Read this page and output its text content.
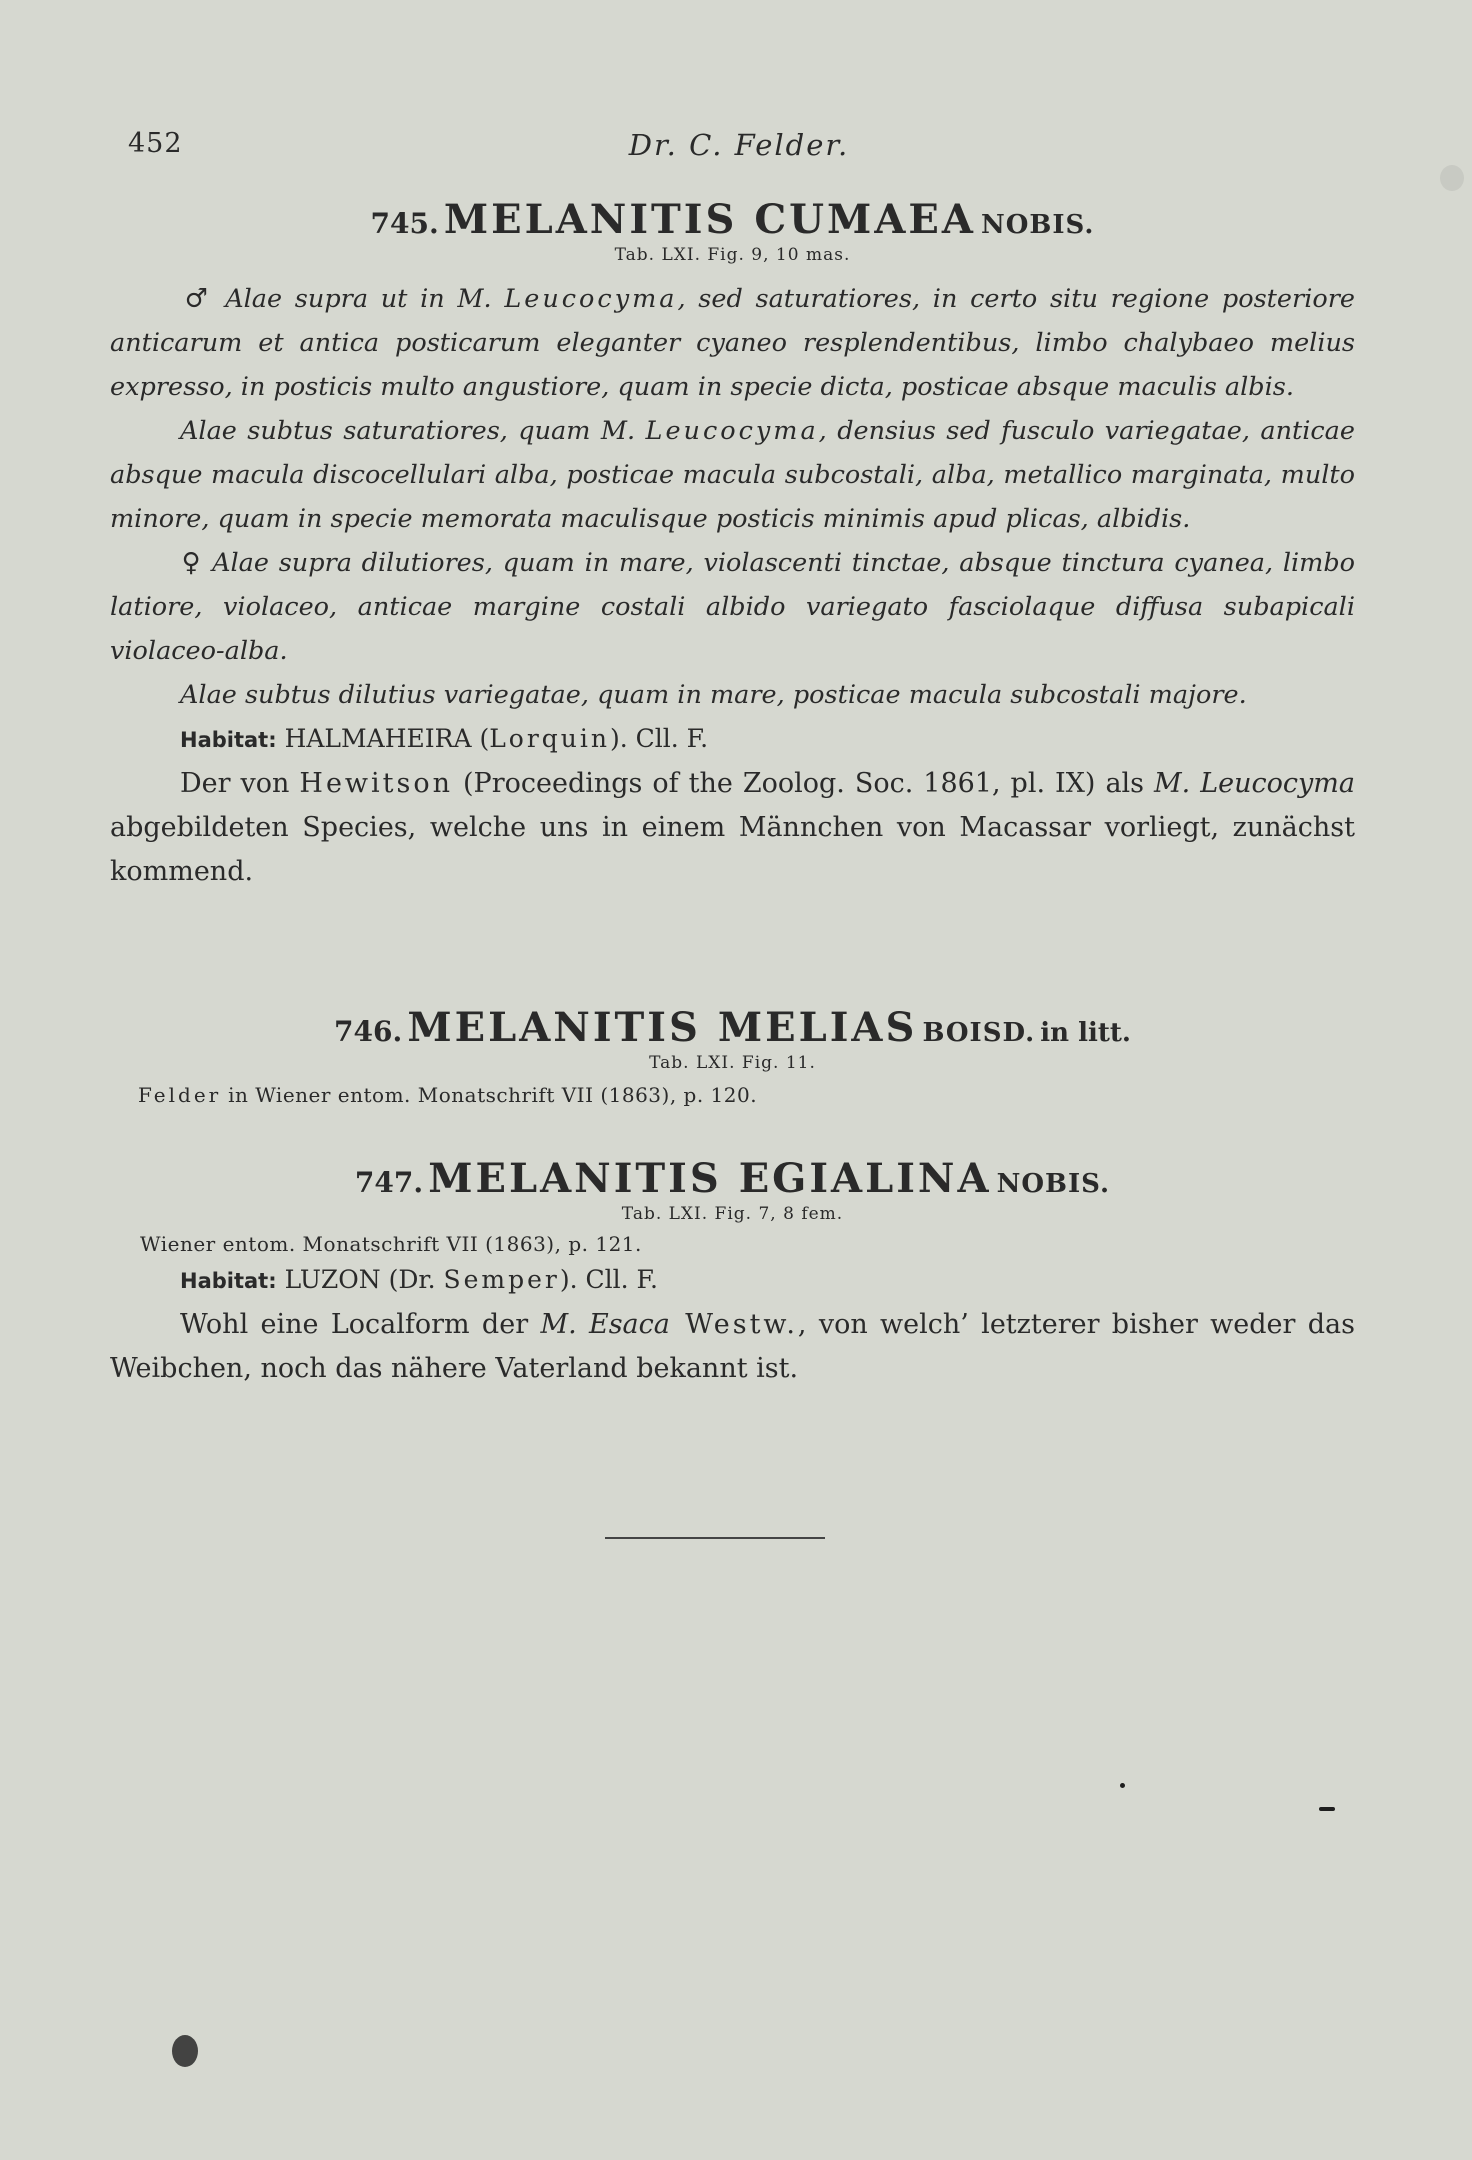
452	Dr. C. Felder.
745. MELANITIS CUMAEA NOBIS.
Tab. LXI. Fig. 9, 10 mas.

♂ Alae supra ut in M. Leucocyma, sed saturatiores, in certo situ regione posteriore anticarum et antica posticarum eleganter cyaneo resplendentibus, limbo chalybaeo melius expresso, in posticis multo angustiore, quam in specie dicta, posticae absque maculis albis.

Alae subtus saturatiores, quam M. Leucocyma, densius sed fusculo variegatae, anticae absque macula discocellulari alba, posticae macula subcostali, alba, metallico marginata, multo minore, quam in specie memorata maculisque posticis minimis apud plicas, albidis.

♀ Alae supra dilutiores, quam in mare, violascenti tinctae, absque tinctura cyanea, limbo latiore, violaceo, anticae margine costali albido variegato fasciolaque diffusa subapicali violaceo-alba.

Alae subtus dilutius variegatae, quam in mare, posticae macula subcostali majore.

Habitat: HALMAHEIRA (Lorquin). Cll. F.

Der von Hewitson (Proceedings of the Zoolog. Soc. 1861, pl. IX) als M. Leucocyma abgebildeten Species, welche uns in einem Männchen von Macassar vorliegt, zunächst kommend.

746. MELANITIS MELIAS BOISD. in litt.
Tab. LXI. Fig. 11.
Felder in Wiener entom. Monatschrift VII (1863), p. 120.
747. MELANITIS EGIALINA NOBIS.
Tab. LXI. Fig. 7, 8 fem.
Wiener entom. Monatschrift VII (1863), p. 121.

Habitat: LUZON (Dr. Semper). Cll. F.

Wohl eine Localform der M. Esaca Westw., von welch’ letzterer bisher weder das Weibchen, noch das nähere Vaterland bekannt ist.
